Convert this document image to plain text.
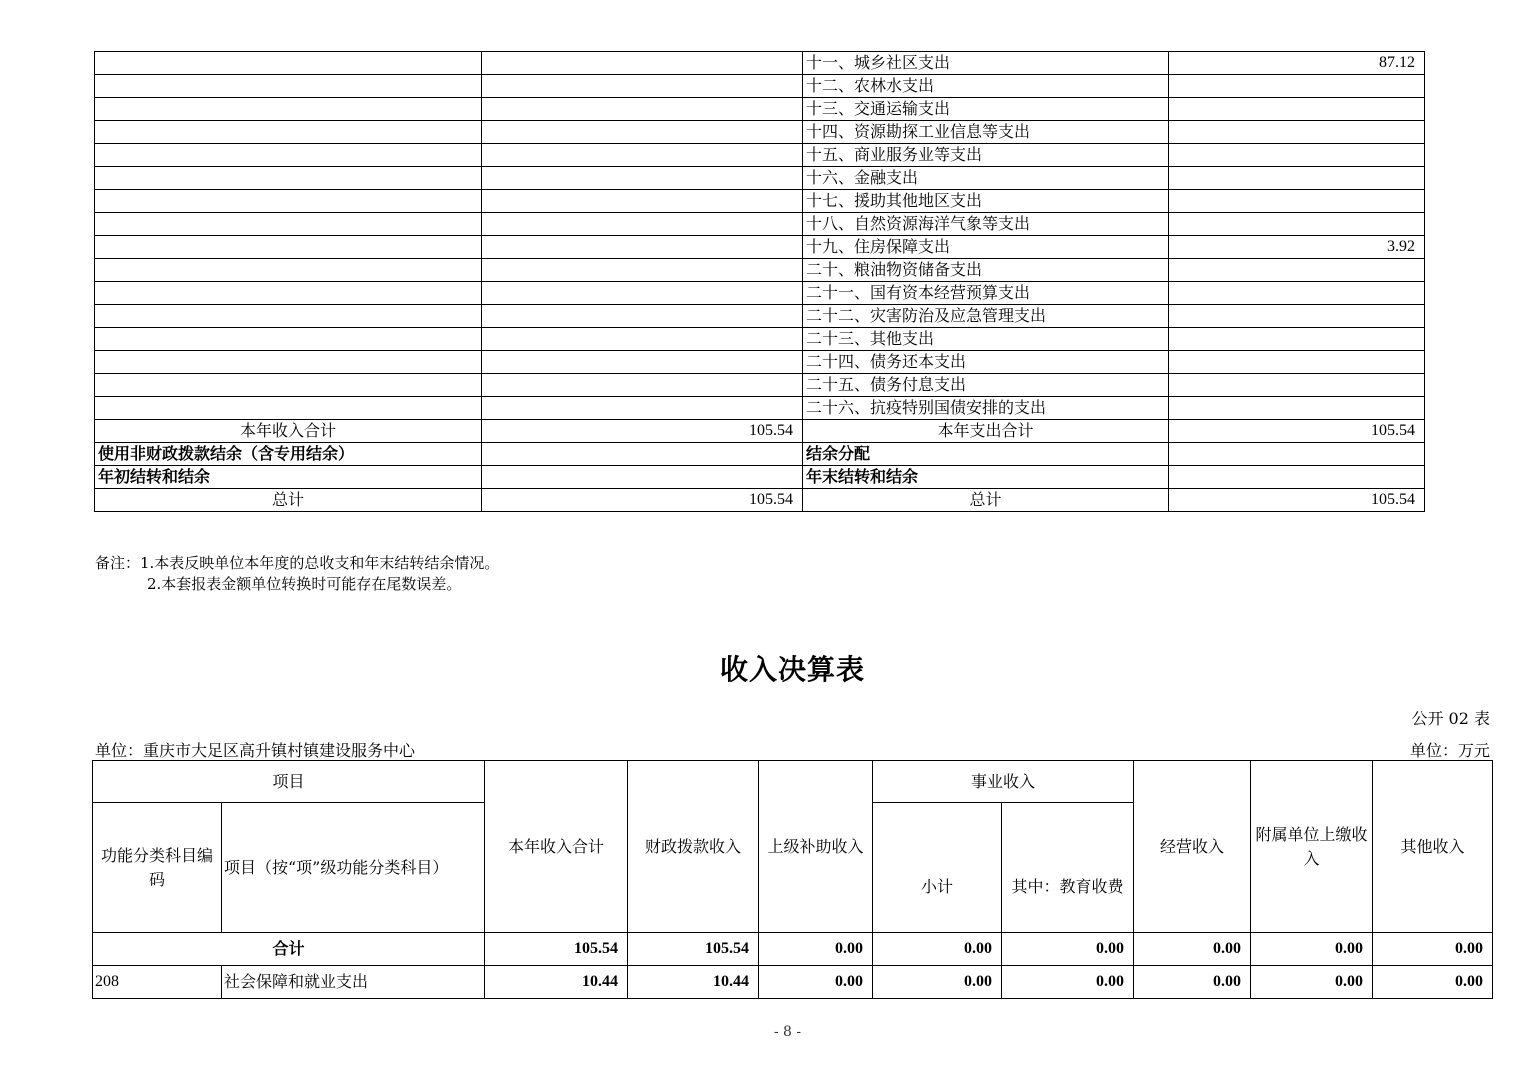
		十一、城乡社区支出	87.12
		十二、农林水支出	
		十三、交通运输支出	
		十四、资源勘探工业信息等支出	
		十五、商业服务业等支出	
		十六、金融支出	
		十七、援助其他地区支出	
		十八、自然资源海洋气象等支出	
		十九、住房保障支出	3.92
		二十、粮油物资储备支出	
		二十一、国有资本经营预算支出	
		二十二、灾害防治及应急管理支出	
		二十三、其他支出	
		二十四、债务还本支出	
		二十五、债务付息支出	
		二十六、抗疫特别国债安排的支出	
本年收入合计	105.54	本年支出合计	105.54
使用非财政拨款结余（含专用结余）		结余分配	
年初结转和结余		年末结转和结余	
总计	105.54	总计	105.54
备注：1.本表反映单位本年度的总收支和年末结转结余情况。
2.本套报表金额单位转换时可能存在尾数误差。
收入决算表
公开 02 表
单位：重庆市大足区高升镇村镇建设服务中心	单位：万元
项目		本年收入合计	财政拨款收入	上级补助收入	事业收入		经营收入	附属单位上缴收入	其他收入
功能分类科目编码	项目（按“项”级功能分类科目）				小计	其中：教育收费			
合计		105.54	105.54	0.00	0.00	0.00	0.00	0.00	0.00
208	社会保障和就业支出	10.44	10.44	0.00	0.00	0.00	0.00	0.00	0.00
- 8 -
